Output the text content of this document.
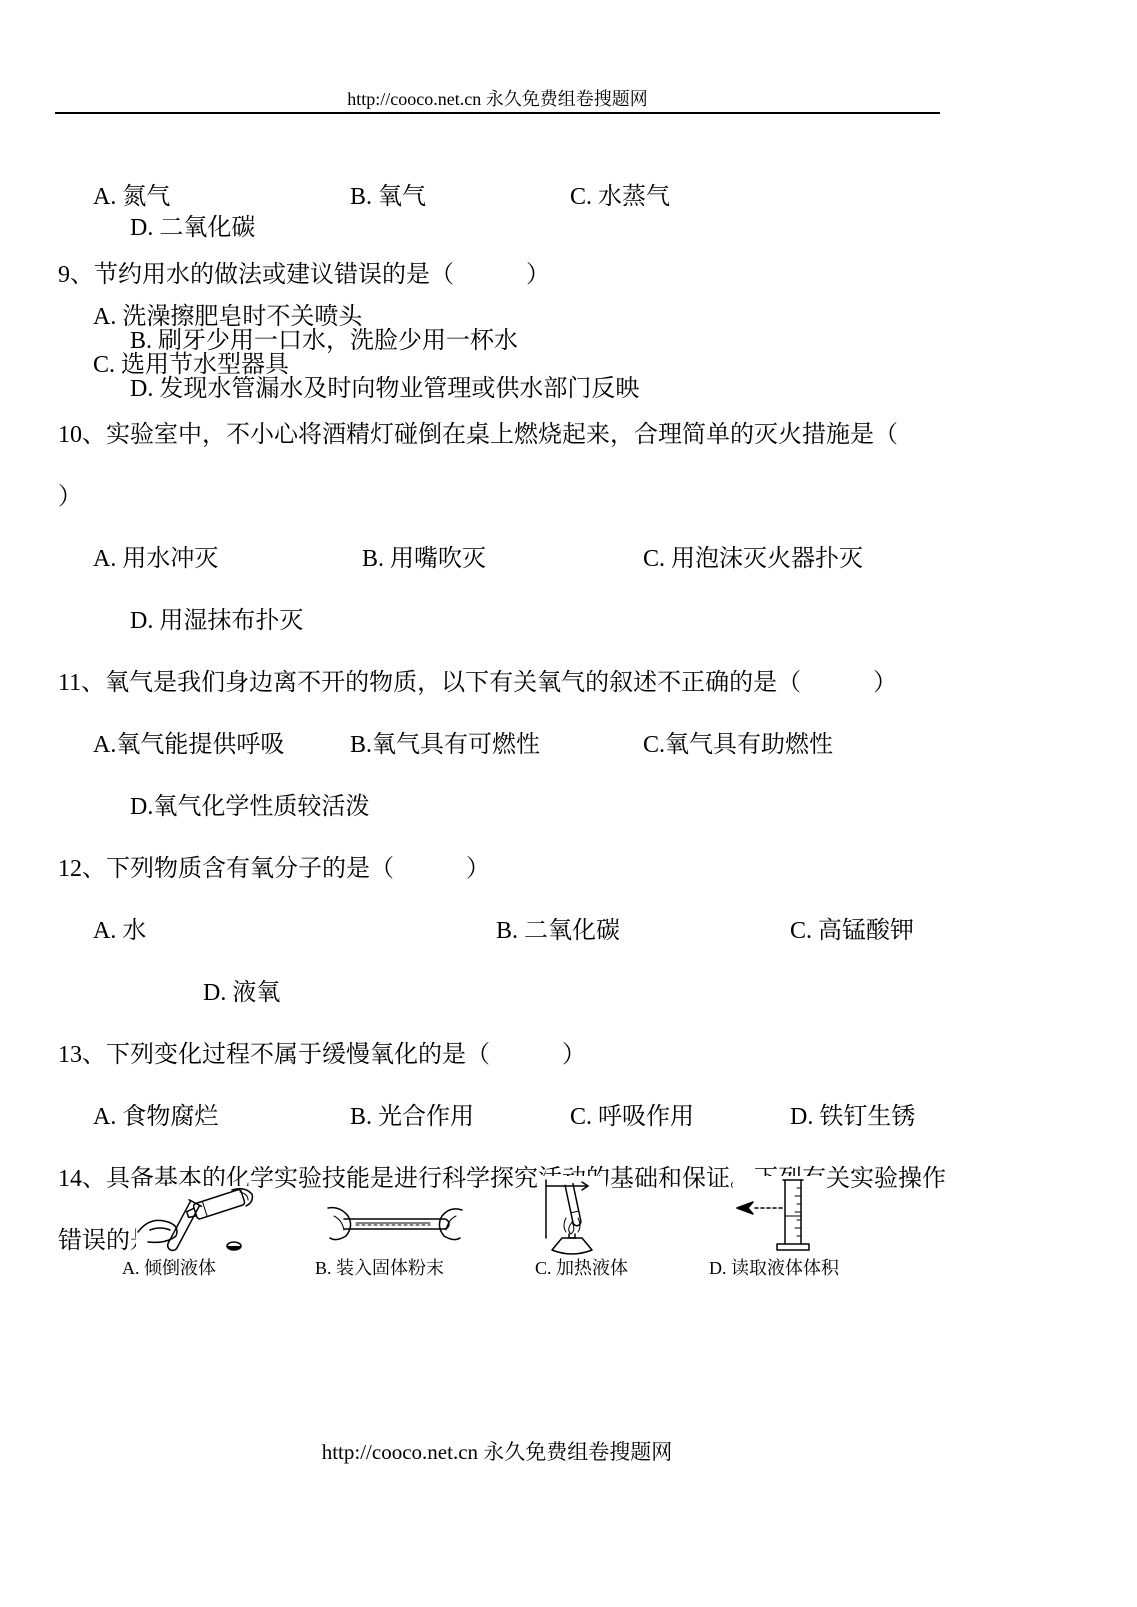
http://cooco.net.cn 永久免费组卷搜题网
A. 氮气	B. 氧气	C. 水蒸气
D. 二氧化碳
9、节约用水的做法或建议错误的是（　　　）
A. 洗澡擦肥皂时不关喷头
B. 刷牙少用一口水，洗脸少用一杯水
C. 选用节水型器具
D. 发现水管漏水及时向物业管理或供水部门反映
10、实验室中，不小心将酒精灯碰倒在桌上燃烧起来，合理简单的灭火措施是（
）
A. 用水冲灭	B. 用嘴吹灭	C. 用泡沫灭火器扑灭
D. 用湿抹布扑灭
11、氧气是我们身边离不开的物质，以下有关氧气的叙述不正确的是（　　　）
A.氧气能提供呼吸	B.氧气具有可燃性	C.氧气具有助燃性
D.氧气化学性质较活泼
12、下列物质含有氧分子的是（　　　）
A. 水	B. 二氧化碳	C. 高锰酸钾
D. 液氧
13、下列变化过程不属于缓慢氧化的是（　　　）
A. 食物腐烂	B. 光合作用	C. 呼吸作用	D. 铁钉生锈
14、具备基本的化学实验技能是进行科学探究活动的基础和保证。下列有关实验操作
错误的是
A. 倾倒液体	B. 装入固体粉末	C. 加热液体	D. 读取液体体积
http://cooco.net.cn 永久免费组卷搜题网
